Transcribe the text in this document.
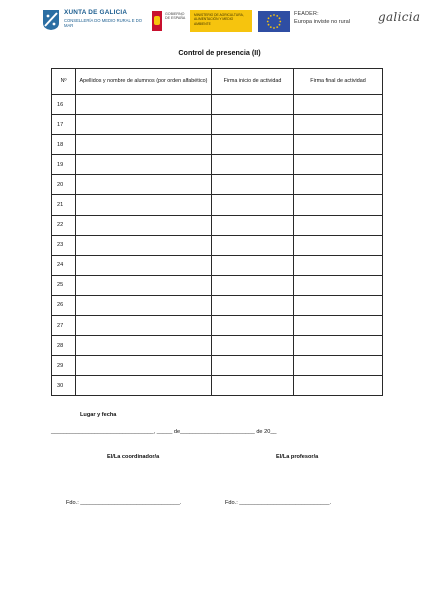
XUNTA DE GALICIA
CONSELLERÍA DO MEDIO RURAL E DO MAR
GOBIERNO DE ESPAÑA
MINISTERIO DE AGRICULTURA, ALIMENTACIÓN Y MEDIO AMBIENTE
FEADER:
Europa inviste no rural	galicia
Control de presencia (II)
Nº	Apellidos y nombre de alumnos (por orden alfabético)	Firma inicio de actividad	Firma final de actividad
16			
17			
18			
19			
20			
21			
22			
23			
24			
25			
26			
27			
28			
29			
30			
Lugar y fecha
_________________________________, _____ de________________________ de 20__
El/La coordinador/a	El/La profesor/a
Fdo.: ________________________________.	Fdo.: _____________________________.
